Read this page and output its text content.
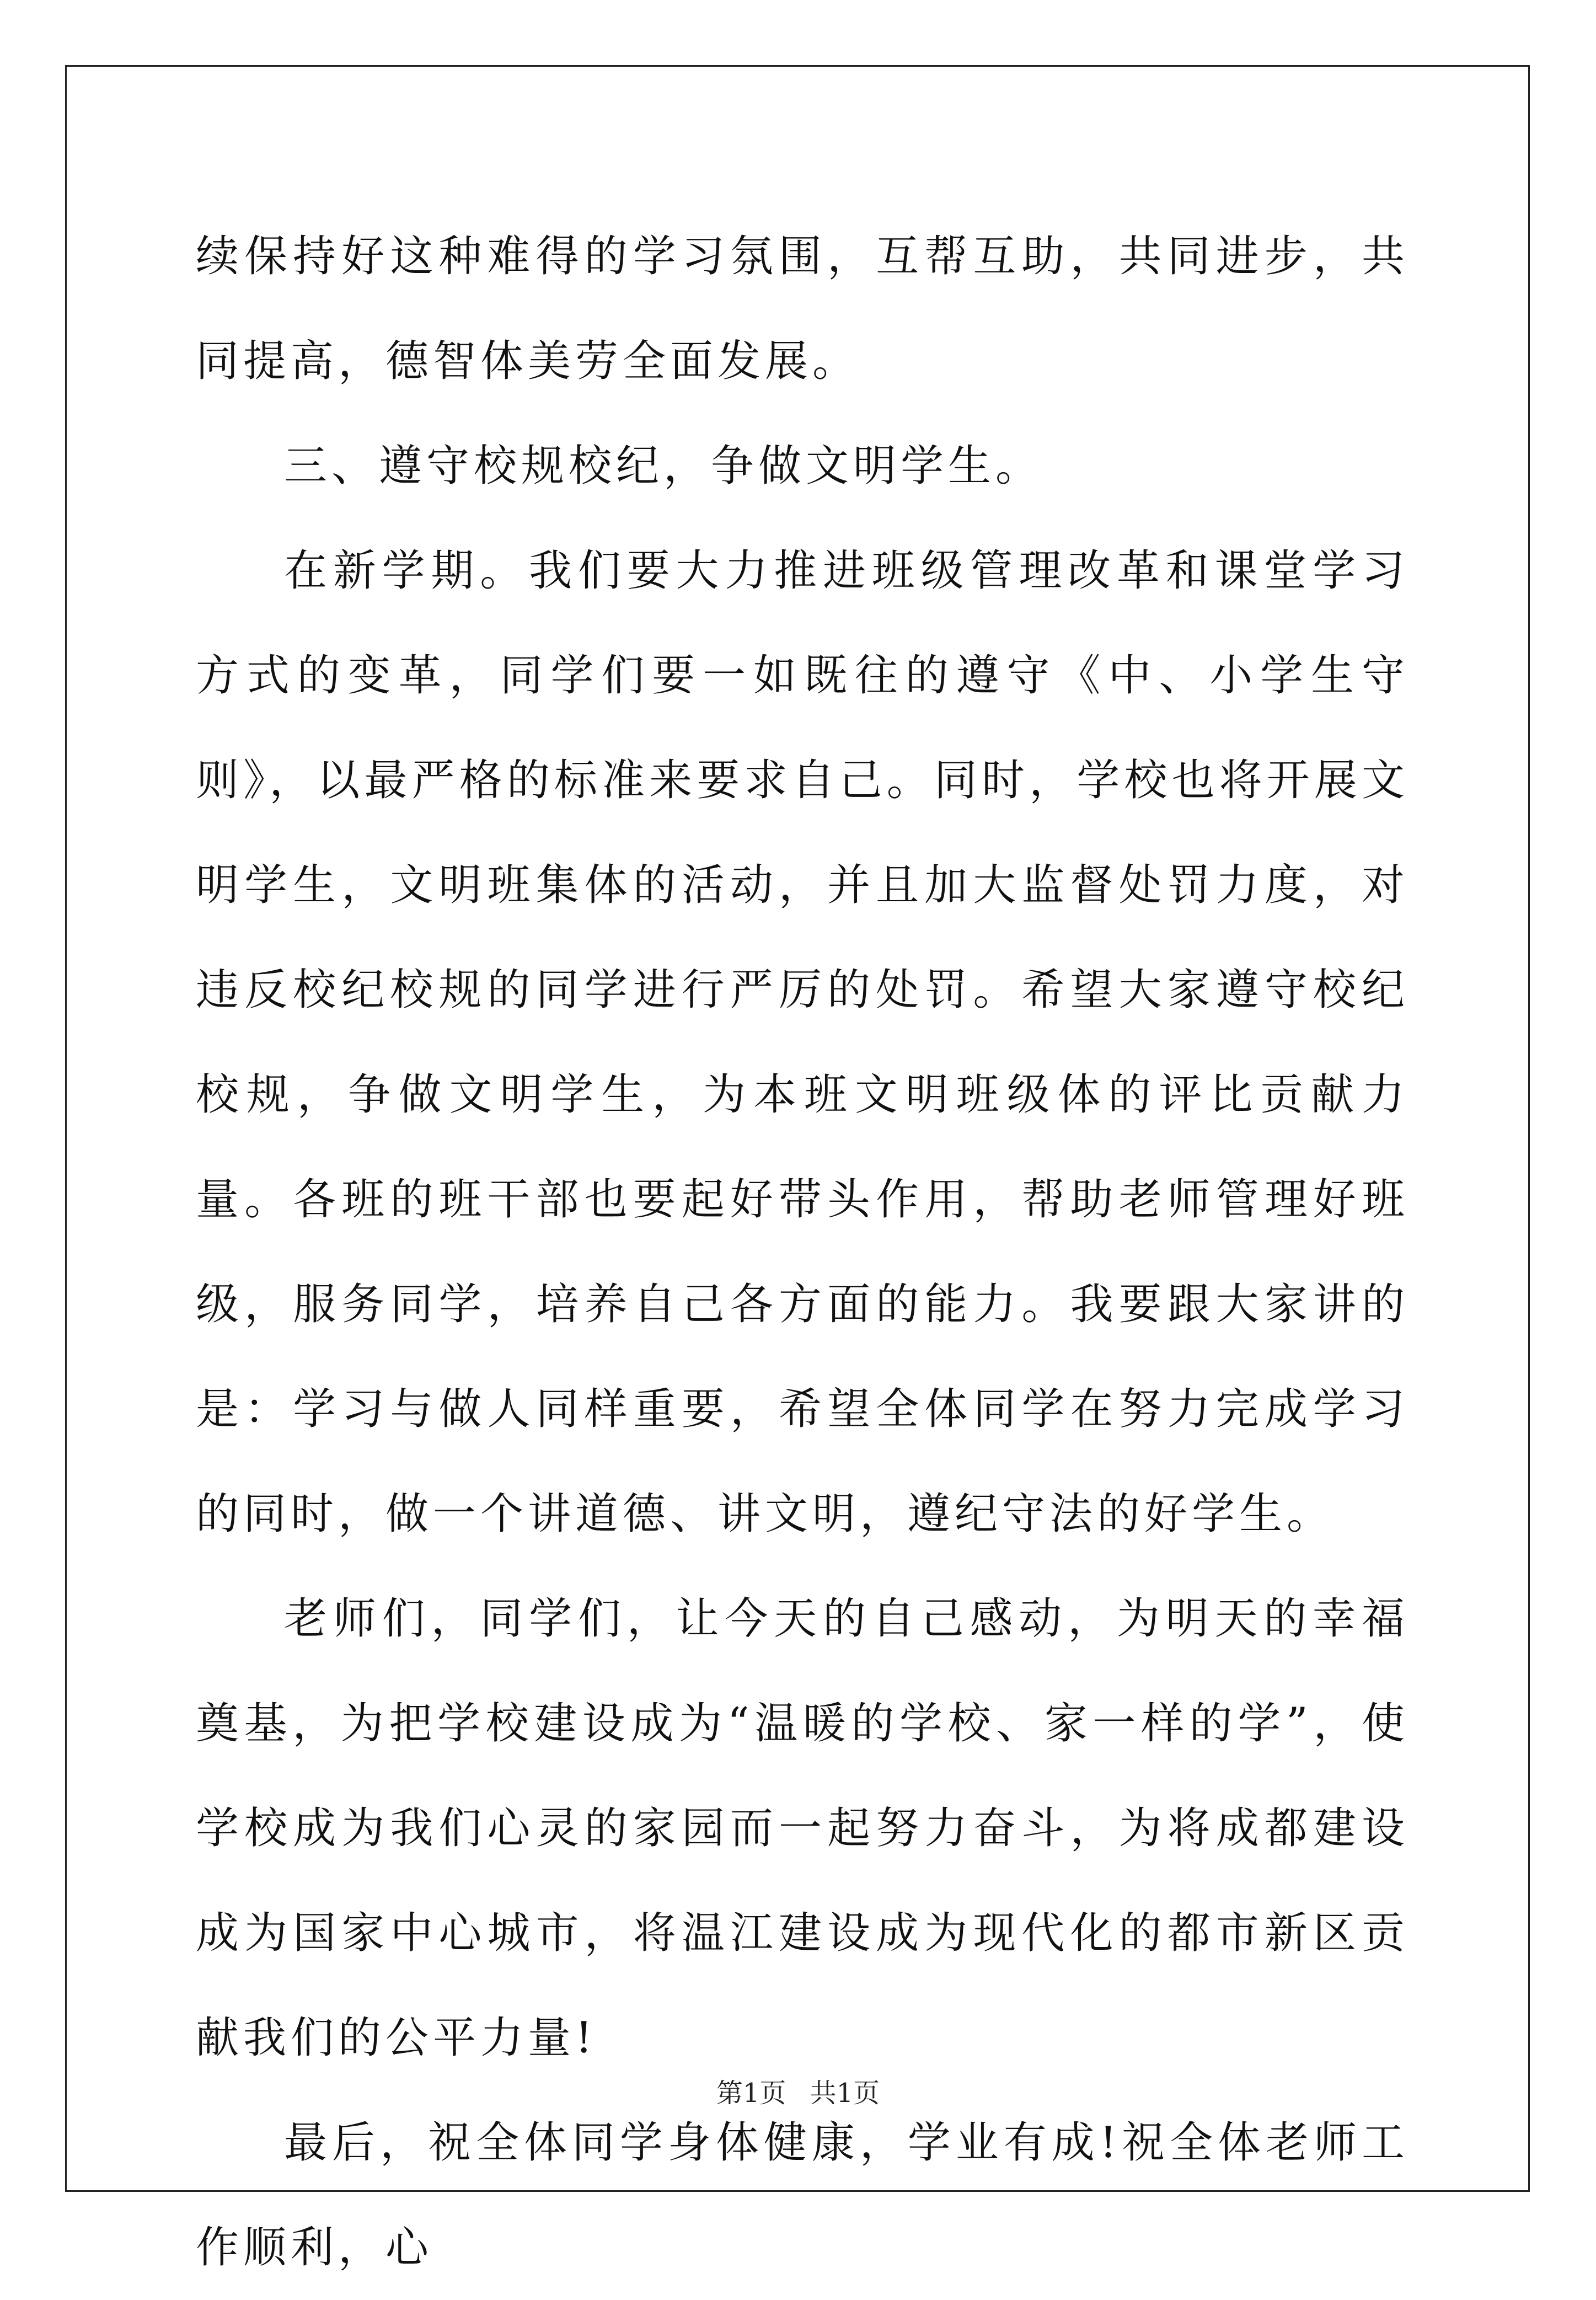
续保持好这种难得的学习氛围，互帮互助，共同进步，共同提高，德智体美劳全面发展。

三、遵守校规校纪，争做文明学生。

在新学期。我们要大力推进班级管理改革和课堂学习方式的变革，同学们要一如既往的遵守《中、小学生守则》，以最严格的标准来要求自己。同时，学校也将开展文明学生，文明班集体的活动，并且加大监督处罚力度，对违反校纪校规的同学进行严厉的处罚。希望大家遵守校纪校规，争做文明学生，为本班文明班级体的评比贡献力量。各班的班干部也要起好带头作用，帮助老师管理好班级，服务同学，培养自己各方面的能力。我要跟大家讲的是：学习与做人同样重要，希望全体同学在努力完成学习的同时，做一个讲道德、讲文明，遵纪守法的好学生。

老师们，同学们，让今天的自己感动，为明天的幸福奠基，为把学校建设成为“温暖的学校、家一样的学”，使学校成为我们心灵的家园而一起努力奋斗，为将成都建设成为国家中心城市，将温江建设成为现代化的都市新区贡献我们的公平力量!

最后，祝全体同学身体健康，学业有成!祝全体老师工作顺利，心

第1页 共1页
